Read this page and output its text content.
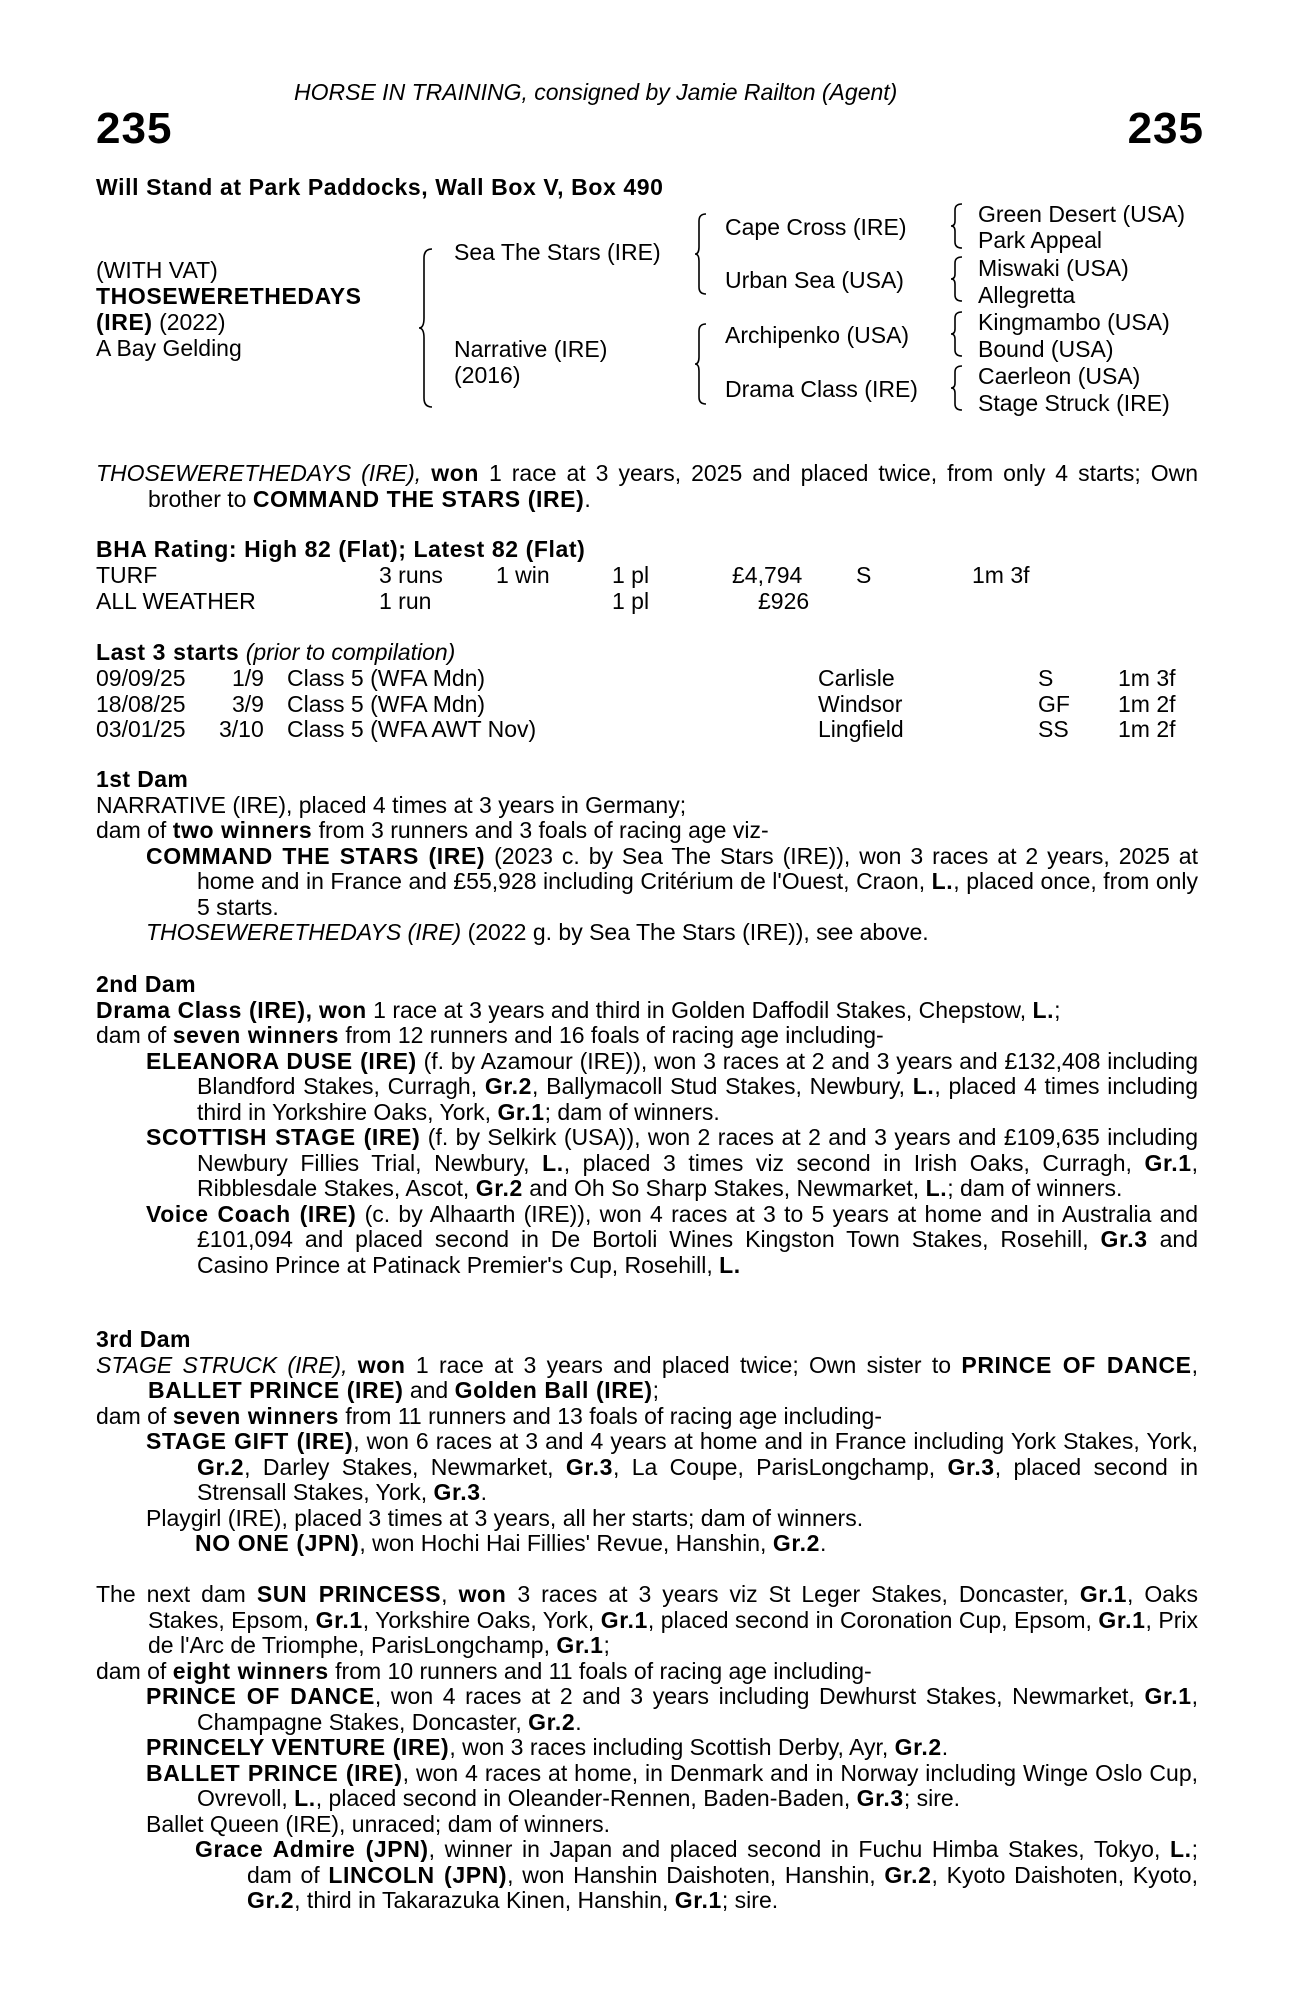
HORSE IN TRAINING, consigned by Jamie Railton (Agent)
235	235
Will Stand at Park Paddocks, Wall Box V, Box 490
(WITH VAT)
THOSEWERETHEDAYS
(IRE) (2022)
A Bay Gelding
Sea The Stars (IRE)
Narrative (IRE)
(2016)
Cape Cross (IRE)
Urban Sea (USA)
Archipenko (USA)
Drama Class (IRE)
Green Desert (USA)
Park Appeal
Miswaki (USA)
Allegretta
Kingmambo (USA)
Bound (USA)
Caerleon (USA)
Stage Struck (IRE)

THOSEWERETHEDAYS (IRE), won 1 race at 3 years, 2025 and placed twice, from only 4 starts; Own brother to COMMAND THE STARS (IRE).

BHA Rating: High 82 (Flat); Latest 82 (Flat)
TURF	3 runs 1 win	1 pl	£4,794 S	1m 3f
ALL WEATHER	1 run	1 pl	£926
Last 3 starts (prior to compilation)
09/09/25 1/9 Class 5 (WFA Mdn)	Carlisle	S	1m 3f
18/08/25 3/9 Class 5 (WFA Mdn)	Windsor	GF 1m 2f
03/01/25 3/10 Class 5 (WFA AWT Nov)	Lingfield	SS 1m 2f

1st Dam

NARRATIVE (IRE), placed 4 times at 3 years in Germany;

dam of two winners from 3 runners and 3 foals of racing age viz-

COMMAND THE STARS (IRE) (2023 c. by Sea The Stars (IRE)), won 3 races at 2 years, 2025 at home and in France and £55,928 including Critérium de l'Ouest, Craon, L., placed once, from only 5 starts.

THOSEWERETHEDAYS (IRE) (2022 g. by Sea The Stars (IRE)), see above.

2nd Dam

Drama Class (IRE), won 1 race at 3 years and third in Golden Daffodil Stakes, Chepstow, L.;

dam of seven winners from 12 runners and 16 foals of racing age including-

ELEANORA DUSE (IRE) (f. by Azamour (IRE)), won 3 races at 2 and 3 years and £132,408 including Blandford Stakes, Curragh, Gr.2, Ballymacoll Stud Stakes, Newbury, L., placed 4 times including third in Yorkshire Oaks, York, Gr.1; dam of winners.

SCOTTISH STAGE (IRE) (f. by Selkirk (USA)), won 2 races at 2 and 3 years and £109,635 including Newbury Fillies Trial, Newbury, L., placed 3 times viz second in Irish Oaks, Curragh, Gr.1, Ribblesdale Stakes, Ascot, Gr.2 and Oh So Sharp Stakes, Newmarket, L.; dam of winners.

Voice Coach (IRE) (c. by Alhaarth (IRE)), won 4 races at 3 to 5 years at home and in Australia and £101,094 and placed second in De Bortoli Wines Kingston Town Stakes, Rosehill, Gr.3 and Casino Prince at Patinack Premier's Cup, Rosehill, L.

3rd Dam

STAGE STRUCK (IRE), won 1 race at 3 years and placed twice; Own sister to PRINCE OF DANCE, BALLET PRINCE (IRE) and Golden Ball (IRE);

dam of seven winners from 11 runners and 13 foals of racing age including-

STAGE GIFT (IRE), won 6 races at 3 and 4 years at home and in France including York Stakes, York, Gr.2, Darley Stakes, Newmarket, Gr.3, La Coupe, ParisLongchamp, Gr.3, placed second in Strensall Stakes, York, Gr.3.

Playgirl (IRE), placed 3 times at 3 years, all her starts; dam of winners.

NO ONE (JPN), won Hochi Hai Fillies' Revue, Hanshin, Gr.2.

The next dam SUN PRINCESS, won 3 races at 3 years viz St Leger Stakes, Doncaster, Gr.1, Oaks Stakes, Epsom, Gr.1, Yorkshire Oaks, York, Gr.1, placed second in Coronation Cup, Epsom, Gr.1, Prix de l'Arc de Triomphe, ParisLongchamp, Gr.1;

dam of eight winners from 10 runners and 11 foals of racing age including-

PRINCE OF DANCE, won 4 races at 2 and 3 years including Dewhurst Stakes, Newmarket, Gr.1, Champagne Stakes, Doncaster, Gr.2.

PRINCELY VENTURE (IRE), won 3 races including Scottish Derby, Ayr, Gr.2.

BALLET PRINCE (IRE), won 4 races at home, in Denmark and in Norway including Winge Oslo Cup, Ovrevoll, L., placed second in Oleander-Rennen, Baden-Baden, Gr.3; sire.

Ballet Queen (IRE), unraced; dam of winners.

Grace Admire (JPN), winner in Japan and placed second in Fuchu Himba Stakes, Tokyo, L.; dam of LINCOLN (JPN), won Hanshin Daishoten, Hanshin, Gr.2, Kyoto Daishoten, Kyoto, Gr.2, third in Takarazuka Kinen, Hanshin, Gr.1; sire.
